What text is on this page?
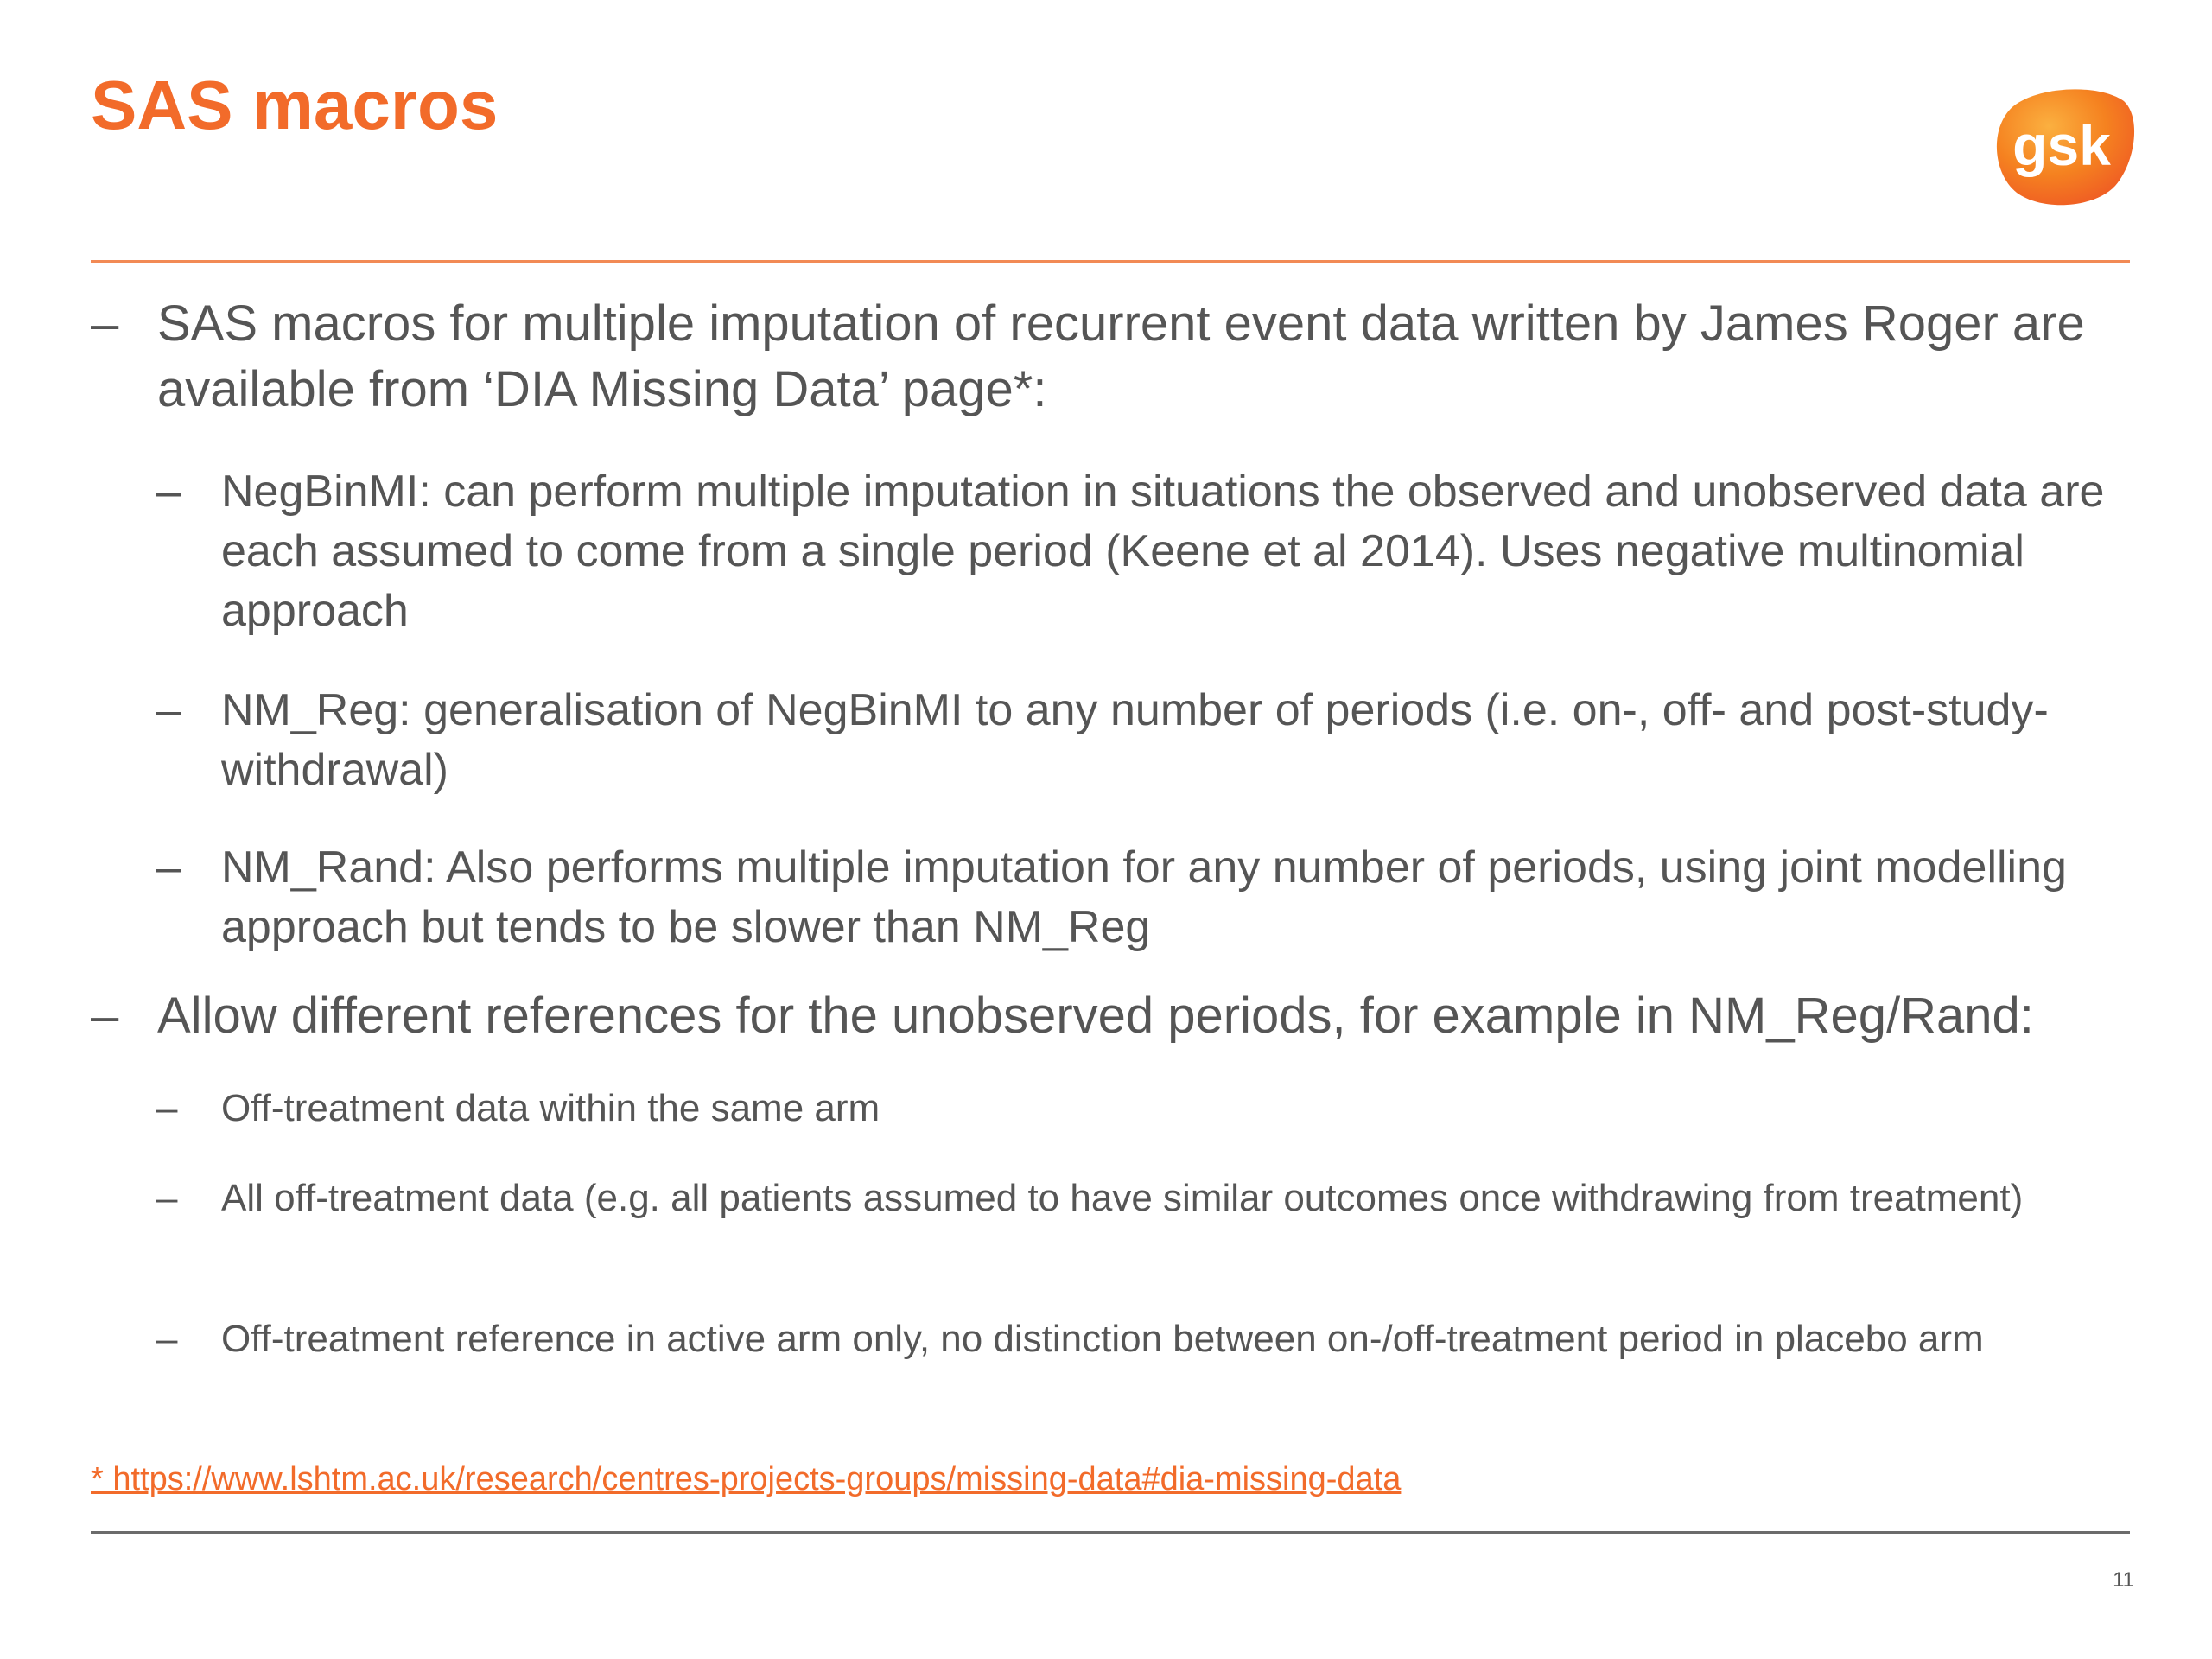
SAS macros
gsk
– SAS macros for multiple imputation of recurrent event data written by James Roger are available from ‘DIA Missing Data’ page*:
– NegBinMI: can perform multiple imputation in situations the observed and unobserved data are each assumed to come from a single period (Keene et al 2014). Uses negative multinomial approach
– NM_Reg: generalisation of NegBinMI to any number of periods (i.e. on-, off- and post-study-withdrawal)
– NM_Rand: Also performs multiple imputation for any number of periods, using joint modelling approach but tends to be slower than NM_Reg
– Allow different references for the unobserved periods, for example in NM_Reg/Rand:
– Off-treatment data within the same arm
– All off-treatment data (e.g. all patients assumed to have similar outcomes once withdrawing from treatment)
– Off-treatment reference in active arm only, no distinction between on-/off-treatment period in placebo arm
* https://www.lshtm.ac.uk/research/centres-projects-groups/missing-data#dia-missing-data
11
